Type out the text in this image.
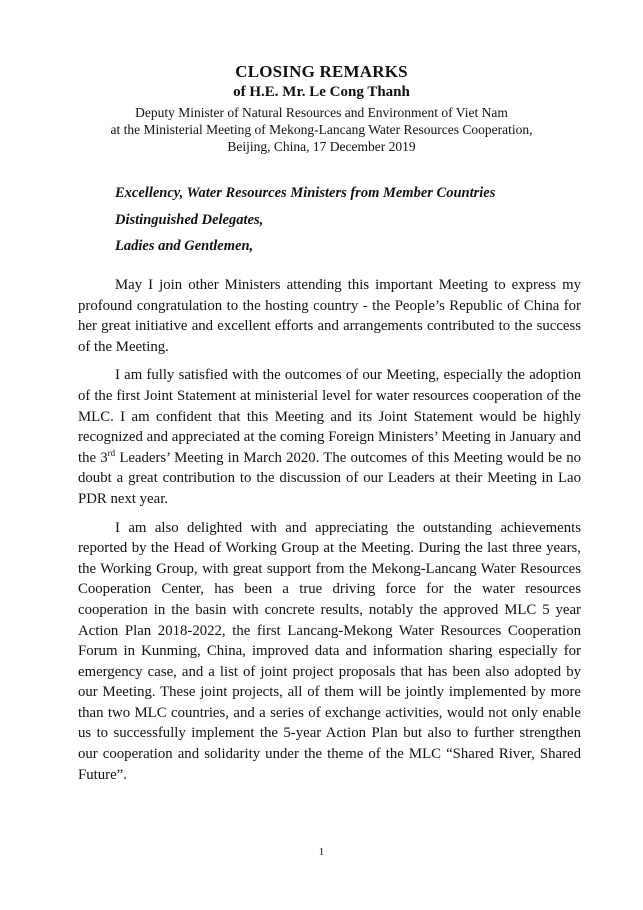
CLOSING REMARKS
of H.E. Mr. Le Cong Thanh
Deputy Minister of Natural Resources and Environment of Viet Nam
at the Ministerial Meeting of Mekong-Lancang Water Resources Cooperation,
Beijing, China, 17 December 2019
Excellency, Water Resources Ministers from Member Countries
Distinguished Delegates,
Ladies and Gentlemen,

May I join other Ministers attending this important Meeting to express my profound congratulation to the hosting country - the People’s Republic of China for her great initiative and excellent efforts and arrangements contributed to the success of the Meeting.

I am fully satisfied with the outcomes of our Meeting, especially the adoption of the first Joint Statement at ministerial level for water resources cooperation of the MLC. I am confident that this Meeting and its Joint Statement would be highly recognized and appreciated at the coming Foreign Ministers’ Meeting in January and the 3rd Leaders’ Meeting in March 2020. The outcomes of this Meeting would be no doubt a great contribution to the discussion of our Leaders at their Meeting in Lao PDR next year.

I am also delighted with and appreciating the outstanding achievements reported by the Head of Working Group at the Meeting. During the last three years, the Working Group, with great support from the Mekong-Lancang Water Resources Cooperation Center, has been a true driving force for the water resources cooperation in the basin with concrete results, notably the approved MLC 5 year Action Plan 2018-2022, the first Lancang-Mekong Water Resources Cooperation Forum in Kunming, China, improved data and information sharing especially for emergency case, and a list of joint project proposals that has been also adopted by our Meeting. These joint projects, all of them will be jointly implemented by more than two MLC countries, and a series of exchange activities, would not only enable us to successfully implement the 5-year Action Plan but also to further strengthen our cooperation and solidarity under the theme of the MLC “Shared River, Shared Future”.

1
